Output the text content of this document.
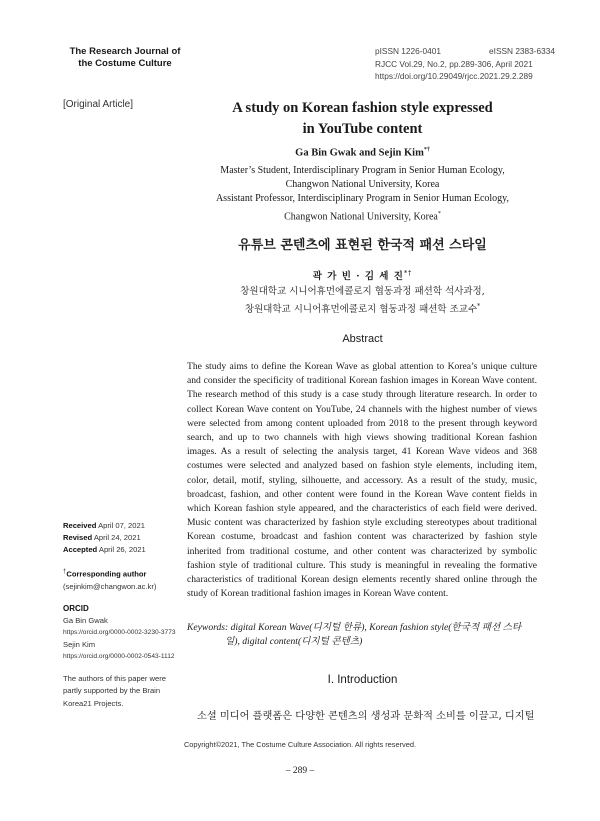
The Research Journal of
the Costume Culture
pISSN 1226-0401	eISSN 2383-6334
RJCC Vol.29, No.2, pp.289-306, April 2021
https://doi.org/10.29049/rjcc.2021.29.2.289
[Original Article]	A study on Korean fashion style expressed
in YouTube content
Ga Bin Gwak and Sejin Kim*†
Master’s Student, Interdisciplinary Program in Senior Human Ecology,
Changwon National University, Korea
Assistant Professor, Interdisciplinary Program in Senior Human Ecology,
Changwon National University, Korea*
유튜브 콘텐츠에 표현된 한국적 패션 스타일
곽 가 빈 · 김 세 진*†
창원대학교 시니어휴먼에콜로지 협동과정 패션학 석사과정,
창원대학교 시니어휴먼에콜로지 협동과정 패션학 조교수*
Abstract
The study aims to define the Korean Wave as global attention to Korea’s unique culture and consider the specificity of traditional Korean fashion images in Korean Wave content. The research method of this study is a case study through literature research. In order to collect Korean Wave content on YouTube, 24 channels with the highest number of views were selected from among content uploaded from 2018 to the present through keyword search, and up to two channels with high views showing traditional Korean fashion images. As a result of selecting the analysis target, 41 Korean Wave videos and 368 costumes were selected and analyzed based on fashion style elements, including item, color, detail, motif, styling, silhouette, and accessory. As a result of the study, music, broadcast, fashion, and other content were found in the Korean Wave content fields in which Korean fashion style appeared, and the characteristics of each field were derived. Music content was characterized by fashion style excluding stereotypes about traditional Korean costume, broadcast and fashion content was characterized by fashion style inherited from traditional costume, and other content was characterized by symbolic fashion style of traditional culture. This study is meaningful in revealing the formative characteristics of traditional Korean design elements recently shared online through the study of Korean traditional fashion images in Korean Wave content.
Keywords: digital Korean Wave(디지털 한류), Korean fashion style(한국적 패션 스타
일), digital content(디지털 콘텐츠)
Received April 07, 2021
Revised April 24, 2021
Accepted April 26, 2021
†Corresponding author
(sejinkim@changwon.ac.kr)
ORCID
Ga Bin Gwak
https://orcid.org/0000-0002-3230-3773
Sejin Kim
https://orcid.org/0000-0002-0543-1112
The authors of this paper were partly supported by the Brain Korea21 Projects.
I. Introduction
소셜 미디어 플랫폼은 다양한 콘텐츠의 생성과 문화적 소비를 이끌고, 디지털
Copyright©2021, The Costume Culture Association. All rights reserved.
– 289 –
